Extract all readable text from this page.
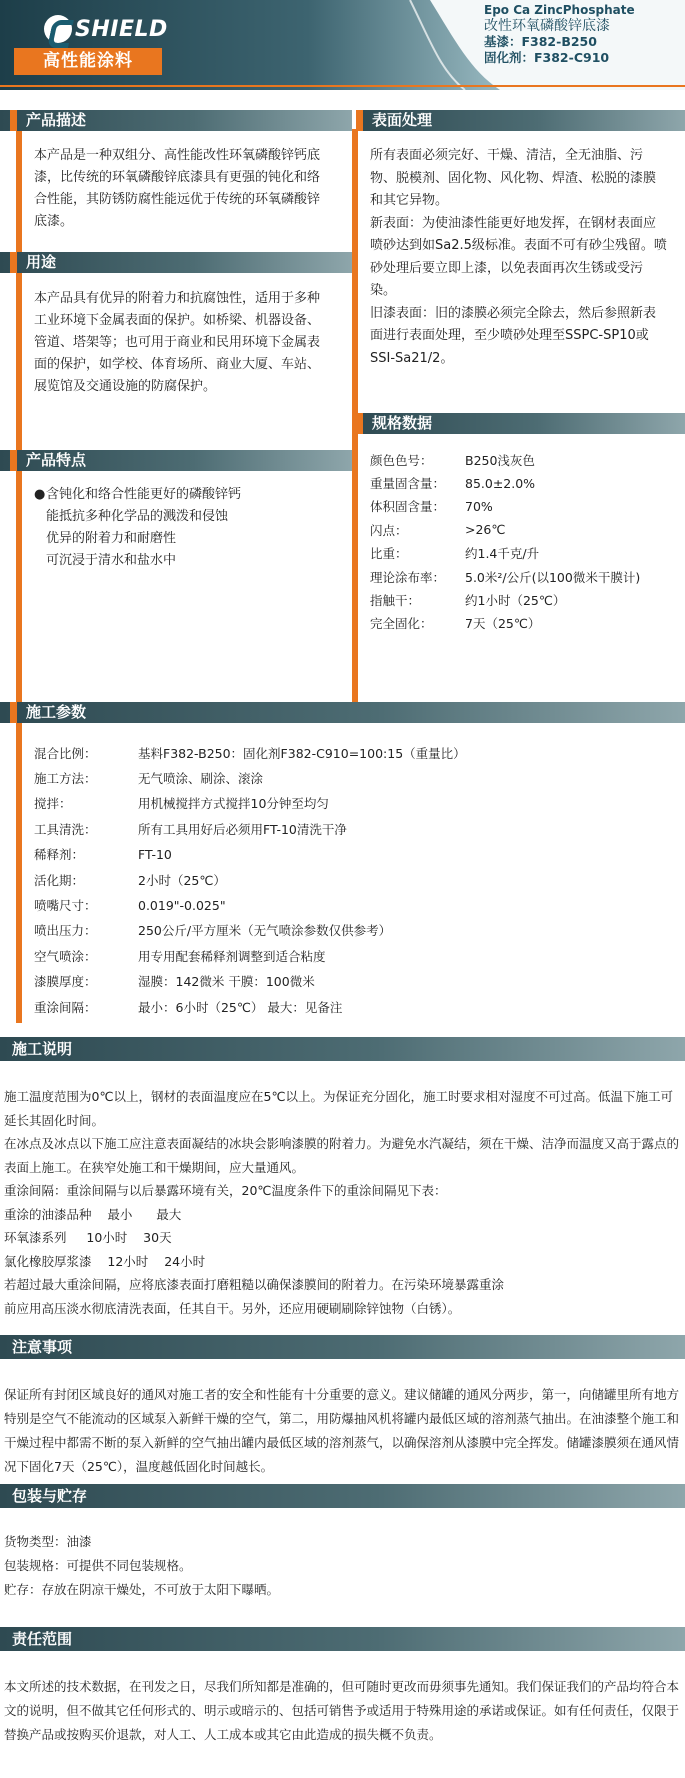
SHIELD
高性能涂料
Epo Ca ZincPhosphate
改性环氧磷酸锌底漆
基漆：F382-B250
固化剂：F382-C910
产品描述
本产品是一种双组分、高性能改性环氧磷酸锌钙底漆，比传统的环氧磷酸锌底漆具有更强的钝化和络合性能，其防锈防腐性能远优于传统的环氧磷酸锌底漆。
用途
本产品具有优异的附着力和抗腐蚀性，适用于多种工业环境下金属表面的保护。如桥梁、机器设备、管道、塔架等；也可用于商业和民用环境下金属表面的保护，如学校、体育场所、商业大厦、车站、展览馆及交通设施的防腐保护。
产品特点

●含钝化和络合性能更好的磷酸锌钙

能抵抗多种化学品的溅泼和侵蚀

优异的附着力和耐磨性

可沉浸于清水和盐水中

表面处理

所有表面必须完好、干燥、清洁，全无油脂、污物、脱模剂、固化物、风化物、焊渣、松脱的漆膜和其它异物。

新表面：为使油漆性能更好地发挥，在钢材表面应喷砂达到如Sa2.5级标准。表面不可有砂尘残留。喷砂处理后要立即上漆，以免表面再次生锈或受污染。

旧漆表面：旧的漆膜必须完全除去，然后参照新表面进行表面处理，至少喷砂处理至SSPC-SP10或SSI-Sa21/2。

规格数据
颜色色号：	B250浅灰色
重量固含量：	85.0±2.0%
体积固含量：	70%
闪点：	>26℃
比重：	约1.4千克/升
理论涂布率：	5.0米²/公斤(以100微米干膜计)
指触干：	约1小时（25℃）
完全固化：	7天（25℃）
施工参数
混合比例：	基料F382-B250：固化剂F382-C910=100:15（重量比）
施工方法：	无气喷涂、刷涂、滚涂
搅拌：	用机械搅拌方式搅拌10分钟至均匀
工具清洗：	所有工具用好后必须用FT-10清洗干净
稀释剂：	FT-10
活化期：	2小时（25℃）
喷嘴尺寸：	0.019"-0.025"
喷出压力：	250公斤/平方厘米（无气喷涂参数仅供参考）
空气喷涂：	用专用配套稀释剂调整到适合粘度
漆膜厚度：	湿膜：142微米 干膜：100微米
重涂间隔：	最小：6小时（25℃） 最大：见备注
施工说明

施工温度范围为0℃以上，钢材的表面温度应在5℃以上。为保证充分固化，施工时要求相对湿度不可过高。低温下施工可延长其固化时间。

在冰点及冰点以下施工应注意表面凝结的冰块会影响漆膜的附着力。为避免水汽凝结，须在干燥、洁净而温度又高于露点的表面上施工。在狭窄处施工和干燥期间，应大量通风。

重涂间隔：重涂间隔与以后暴露环境有关，20℃温度条件下的重涂间隔见下表：

重涂的油漆品种    最小      最大

环氧漆系列     10小时    30天

氯化橡胶厚浆漆    12小时    24小时

若超过最大重涂间隔，应将底漆表面打磨粗糙以确保漆膜间的附着力。在污染环境暴露重涂

前应用高压淡水彻底清洗表面，任其自干。另外，还应用硬刷刷除锌蚀物（白锈）。

注意事项
保证所有封闭区域良好的通风对施工者的安全和性能有十分重要的意义。建议储罐的通风分两步，第一，向储罐里所有地方特别是空气不能流动的区域泵入新鲜干燥的空气，第二，用防爆抽风机将罐内最低区域的溶剂蒸气抽出。在油漆整个施工和干燥过程中都需不断的泵入新鲜的空气抽出罐内最低区域的溶剂蒸气，以确保溶剂从漆膜中完全挥发。储罐漆膜须在通风情况下固化7天（25℃），温度越低固化时间越长。
包装与贮存

货物类型：油漆

包装规格：可提供不同包装规格。

贮存：存放在阴凉干燥处，不可放于太阳下曝晒。

责任范围
本文所述的技术数据，在刊发之日，尽我们所知都是准确的，但可随时更改而毋须事先通知。我们保证我们的产品均符合本文的说明，但不做其它任何形式的、明示或暗示的、包括可销售予或适用于特殊用途的承诺或保证。如有任何责任，仅限于替换产品或按购买价退款，对人工、人工成本或其它由此造成的损失概不负责。
